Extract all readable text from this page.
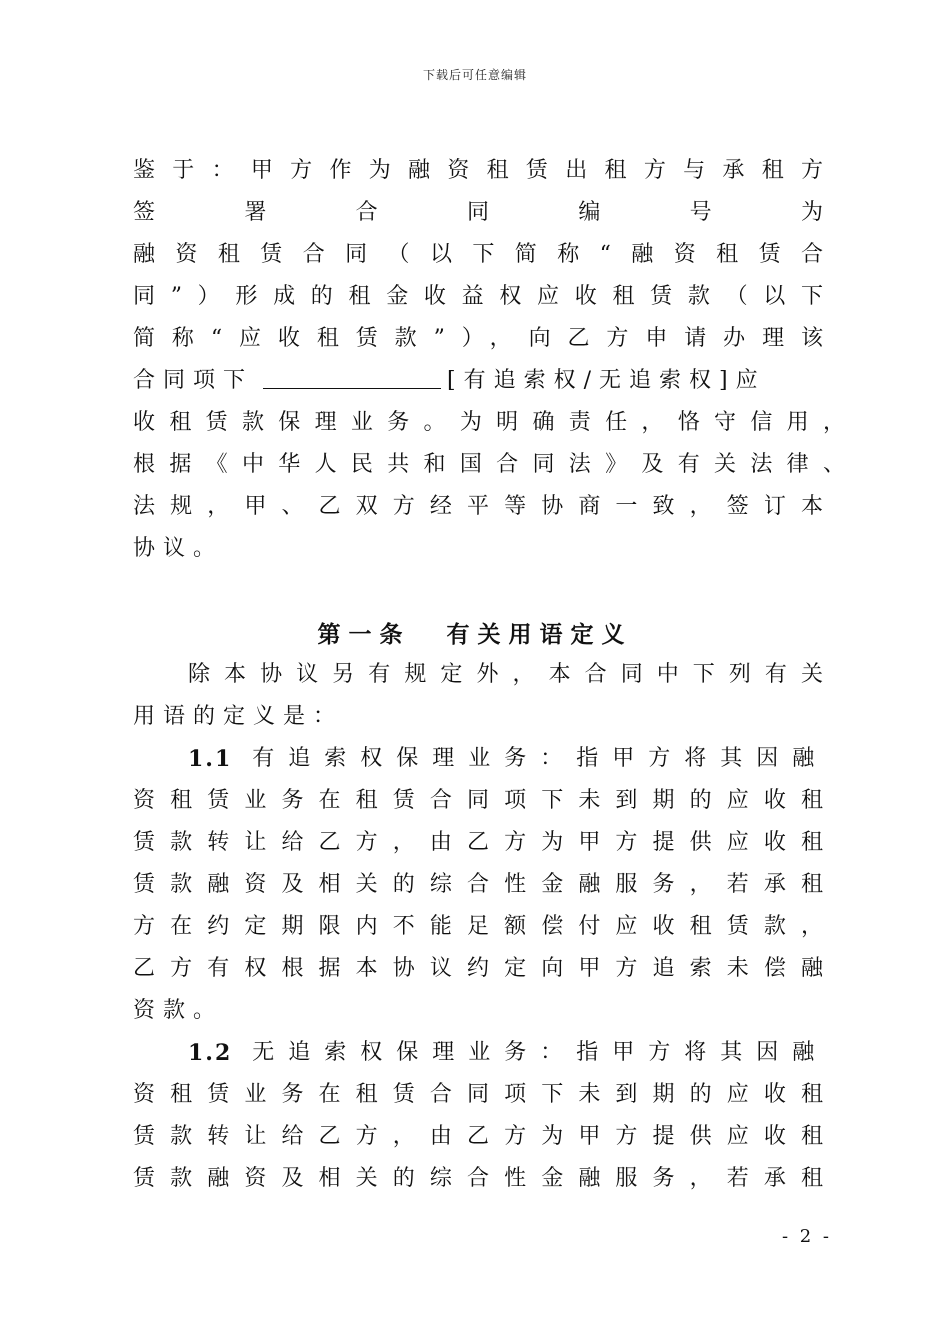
下载后可任意编辑
鉴于：甲方作为融资租赁出租方与承租方
签署合同编号为
融资租赁合同（以下简称“融资租赁合
同”）形成的租金收益权应收租赁款（以下
简称“应收租赁款”），向乙方申请办理该
合同项下	[有追索权/无追索权]应
收租赁款保理业务。为明确责任，恪守信用，
根据《中华人民共和国合同法》及有关法律、
法规，甲、乙双方经平等协商一致，签订本
协议。
第一条 有关用语定义
除本协议另有规定外，本合同中下列有关
用语的定义是：
1.1 有追索权保理业务：指甲方将其因融
资租赁业务在租赁合同项下未到期的应收租
赁款转让给乙方，由乙方为甲方提供应收租
赁款融资及相关的综合性金融服务，若承租
方在约定期限内不能足额偿付应收租赁款，
乙方有权根据本协议约定向甲方追索未偿融
资款。
1.2 无追索权保理业务：指甲方将其因融
资租赁业务在租赁合同项下未到期的应收租
赁款转让给乙方，由乙方为甲方提供应收租
赁款融资及相关的综合性金融服务，若承租
- 2 -
